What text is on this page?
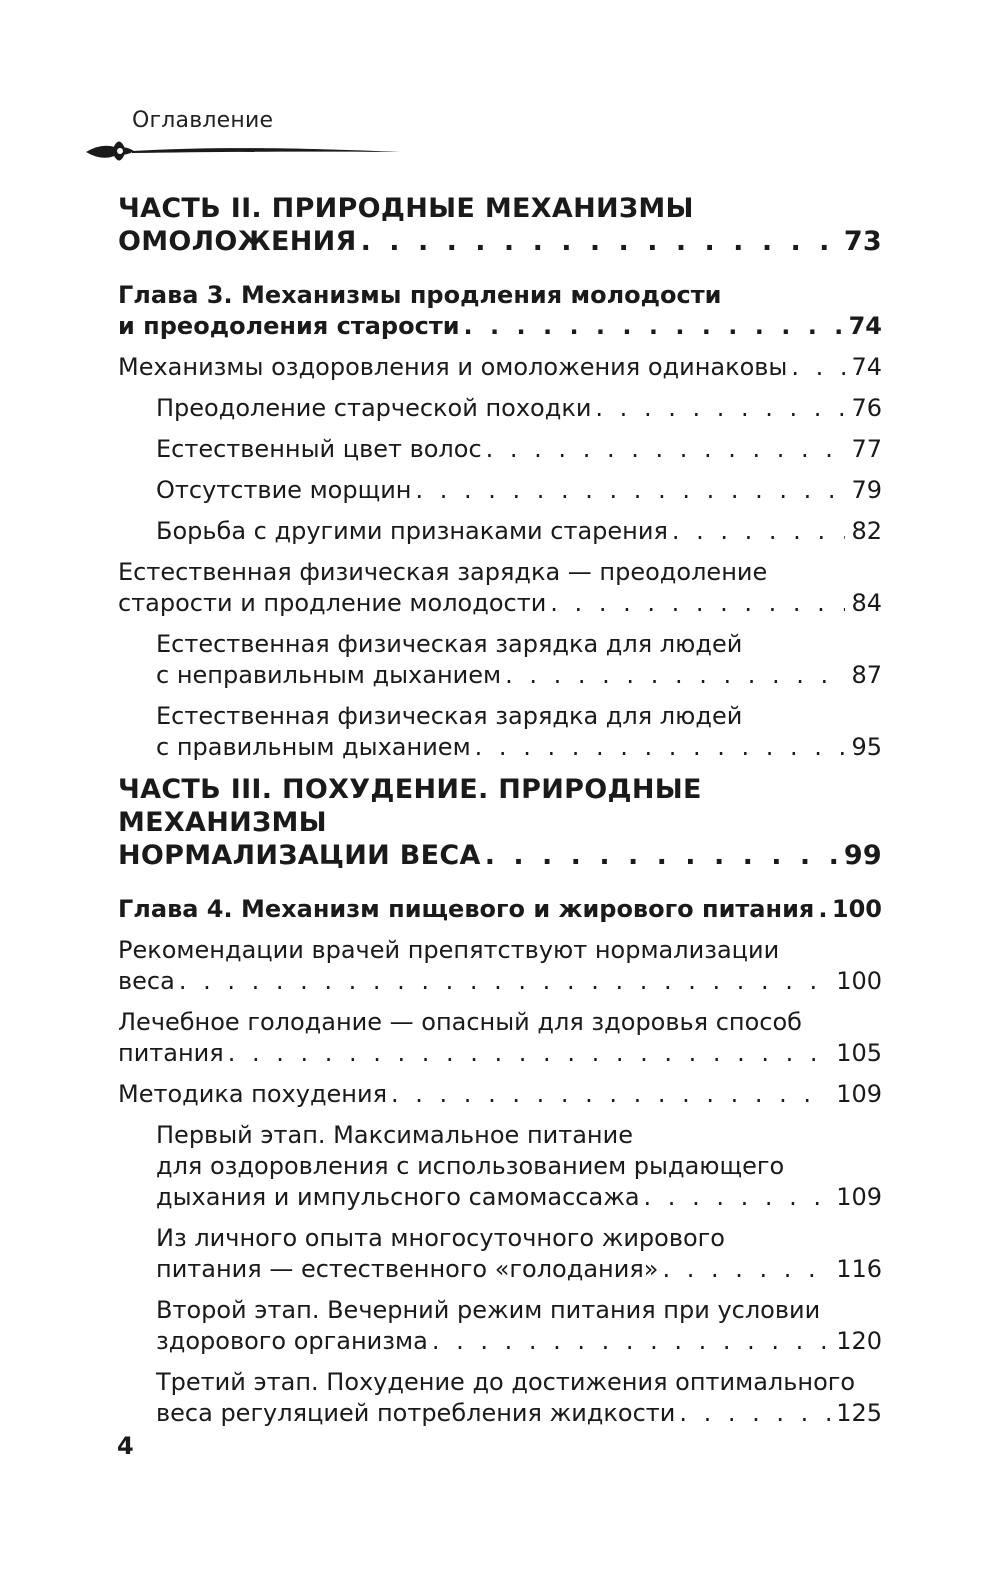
Оглавление
ЧАСТЬ II. ПРИРОДНЫЕ МЕХАНИЗМЫ
ОМОЛОЖЕНИЯ . . .	73
Глава 3. Механизмы продления молодости
и преодоления старости . . .	74
Механизмы оздоровления и омоложения одинаковы . . .	74
Преодоление старческой походки . . .	76
Естественный цвет волос . . .	77
Отсутствие морщин . . .	79
Борьба с другими признаками старения . . .	82
Естественная физическая зарядка — преодоление
старости и продление молодости . . .	84
Естественная физическая зарядка для людей
с неправильным дыханием . . .	87
Естественная физическая зарядка для людей
с правильным дыханием . . .	95
ЧАСТЬ III. ПОХУДЕНИЕ. ПРИРОДНЫЕ МЕХАНИЗМЫ
НОРМАЛИЗАЦИИ ВЕСА . . .	99
Глава 4. Механизм пищевого и жирового питания . . . 100
Рекомендации врачей препятствуют нормализации
веса . . .	100
Лечебное голодание — опасный для здоровья способ
питания . . .	105
Методика похудения . . .	109
Первый этап. Максимальное питание
для оздоровления с использованием рыдающего
дыхания и импульсного самомассажа . . .	109
Из личного опыта многосуточного жирового
питания — естественного «голодания» . . .	116
Второй этап. Вечерний режим питания при условии
здорового организма . . .	120
Третий этап. Похудение до достижения оптимального
веса регуляцией потребления жидкости . . .	125
4
